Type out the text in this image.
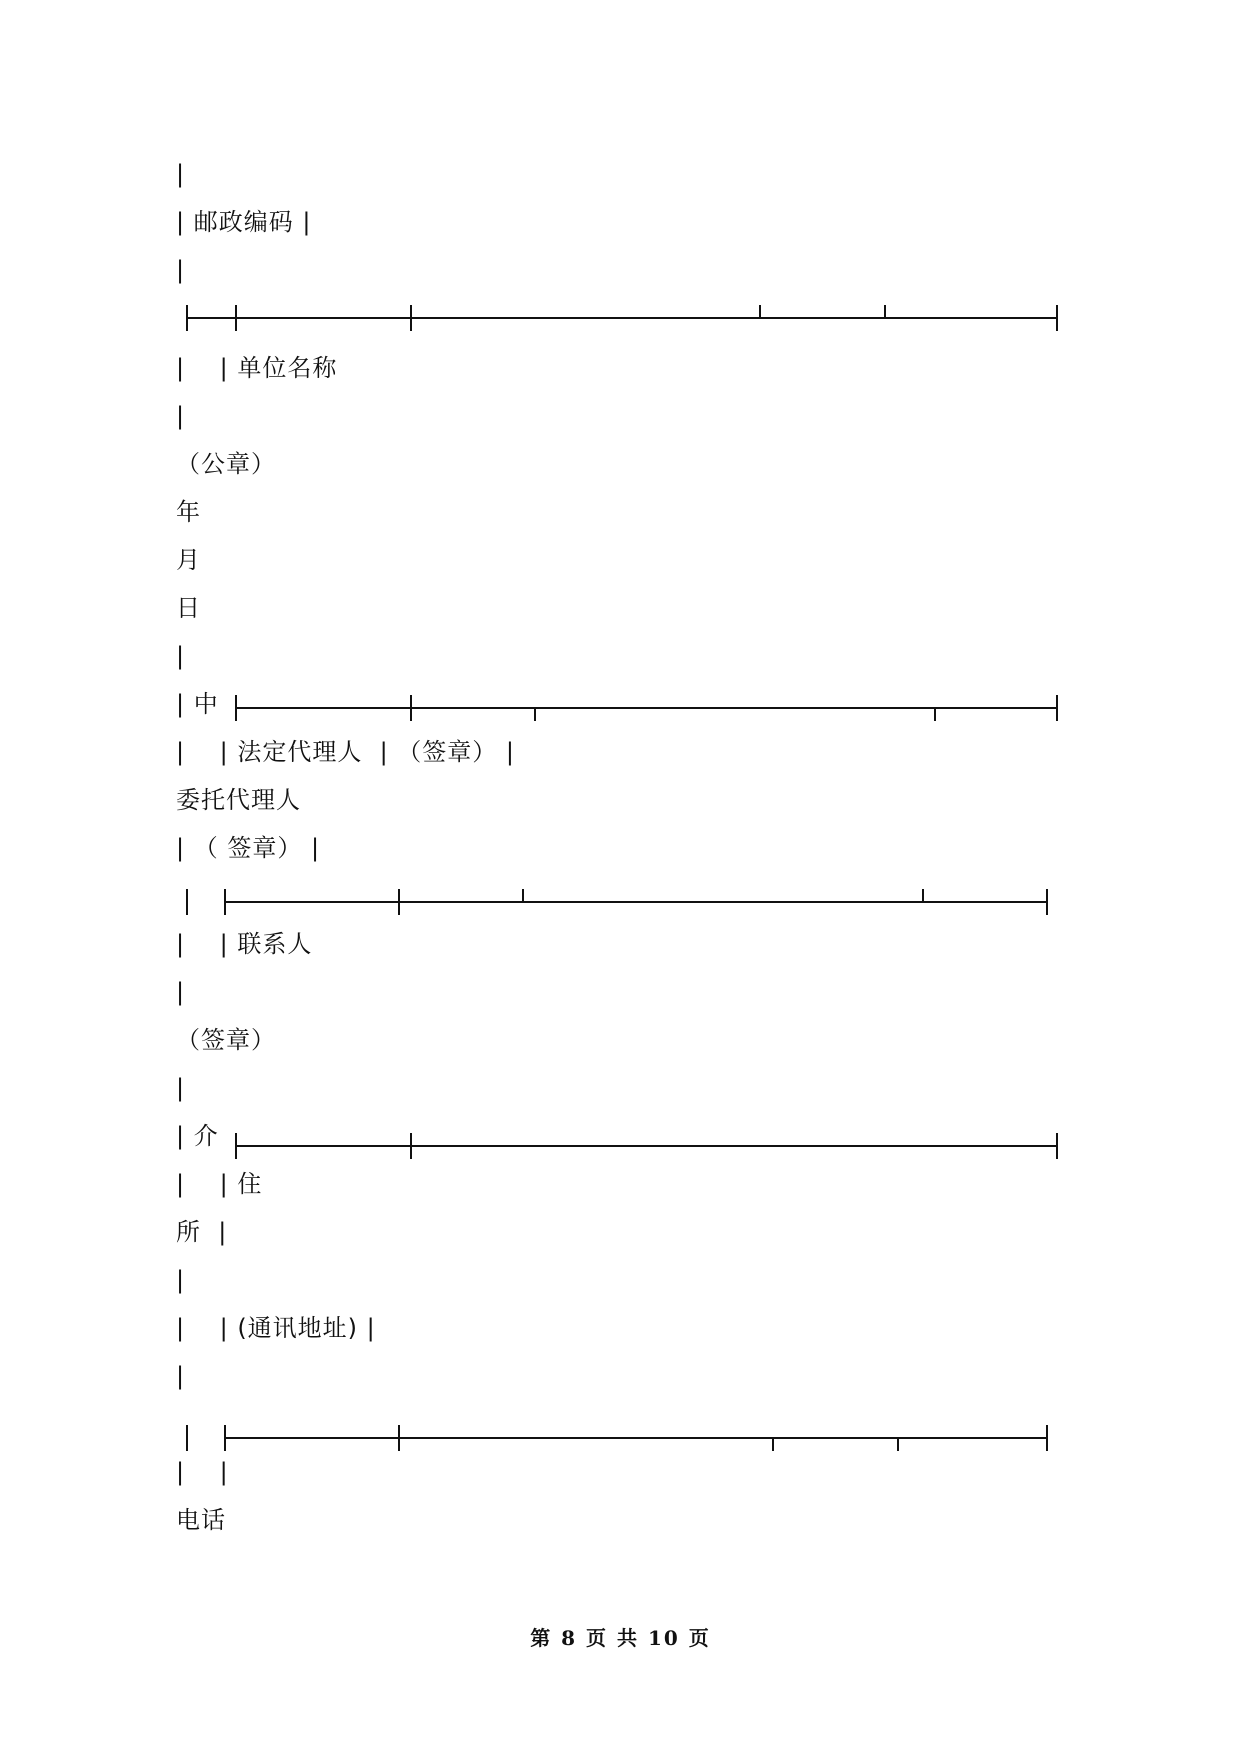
|
| 邮政编码 |
|
|    | 单位名称
|
（公章）
年
月
日
|
| 中
|    | 法定代理人  | （签章） |
委托代理人
| （ 签章） |
|    | 联系人
|
（签章）
|
| 介
|    | 住
所  |
|
|    | (通讯地址) |
|
|    |
电话
第 8 页 共 10 页
